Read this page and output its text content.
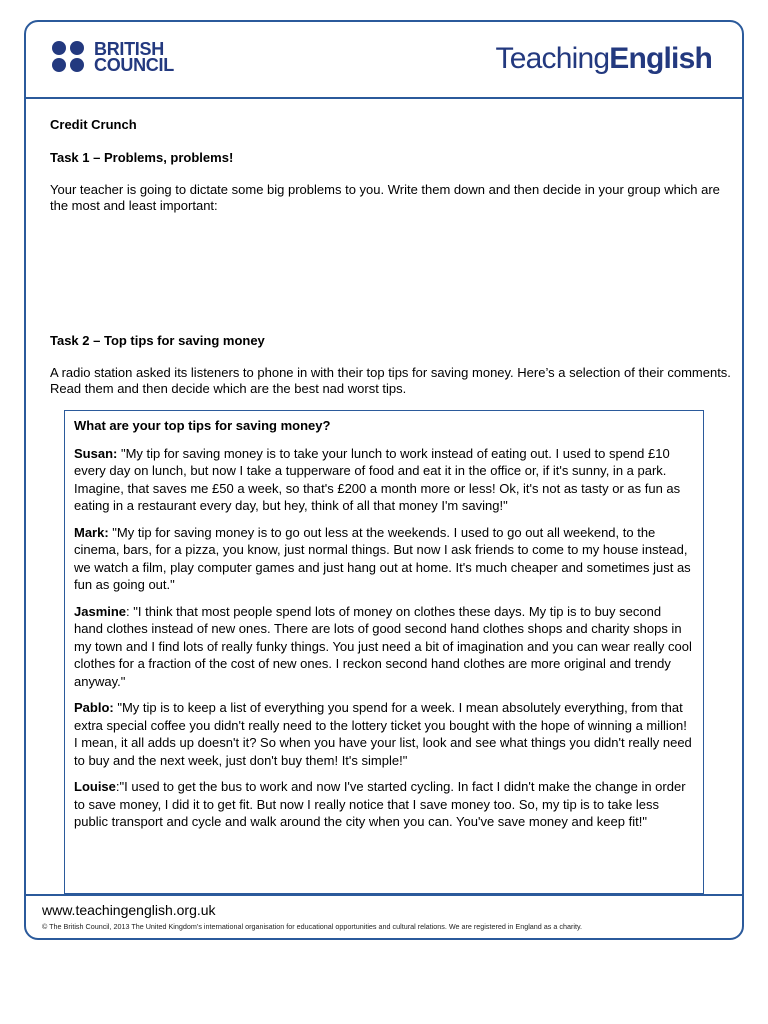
BRITISH
COUNCIL	TeachingEnglish

Credit Crunch

Task 1 – Problems, problems!

Your teacher is going to dictate some big problems to you. Write them down and then decide in your group which are the most and least important:

Task 2 – Top tips for saving money

A radio station asked its listeners to phone in with their top tips for saving money. Here’s a selection of their comments. Read them and then decide which are the best nad worst tips.

What are your top tips for saving money?

Susan: "My tip for saving money is to take your lunch to work instead of eating out. I used to spend £10 every day on lunch, but now I take a tupperware of food and eat it in the office or, if it's sunny, in a park. Imagine, that saves me £50 a week, so that's £200 a month more or less! Ok, it's not as tasty or as fun as eating in a restaurant every day, but hey, think of all that money I'm saving!"

Mark: "My tip for saving money is to go out less at the weekends. I used to go out all weekend, to the cinema, bars, for a pizza, you know, just normal things. But now I ask friends to come to my house instead, we watch a film, play computer games and just hang out at home. It's much cheaper and sometimes just as fun as going out."

Jasmine: "I think that most people spend lots of money on clothes these days. My tip is to buy second hand clothes instead of new ones. There are lots of good second hand clothes shops and charity shops in my town and I find lots of really funky things. You just need a bit of imagination and you can wear really cool clothes for a fraction of the cost of new ones. I reckon second hand clothes are more original and trendy anyway."

Pablo: "My tip is to keep a list of everything you spend for a week. I mean absolutely everything, from that extra special coffee you didn't really need to the lottery ticket you bought with the hope of winning a million! I mean, it all adds up doesn't it? So when you have your list, look and see what things you didn't really need to buy and the next week, just don't buy them! It's simple!"

Louise:"I used to get the bus to work and now I've started cycling. In fact I didn't make the change in order to save money, I did it to get fit. But now I really notice that I save money too. So, my tip is to take less public transport and cycle and walk around the city when you can. You've save money and keep fit!"

www.teachingenglish.org.uk
© The British Council, 2013 The United Kingdom’s international organisation for educational opportunities and cultural relations. We are registered in England as a charity.
